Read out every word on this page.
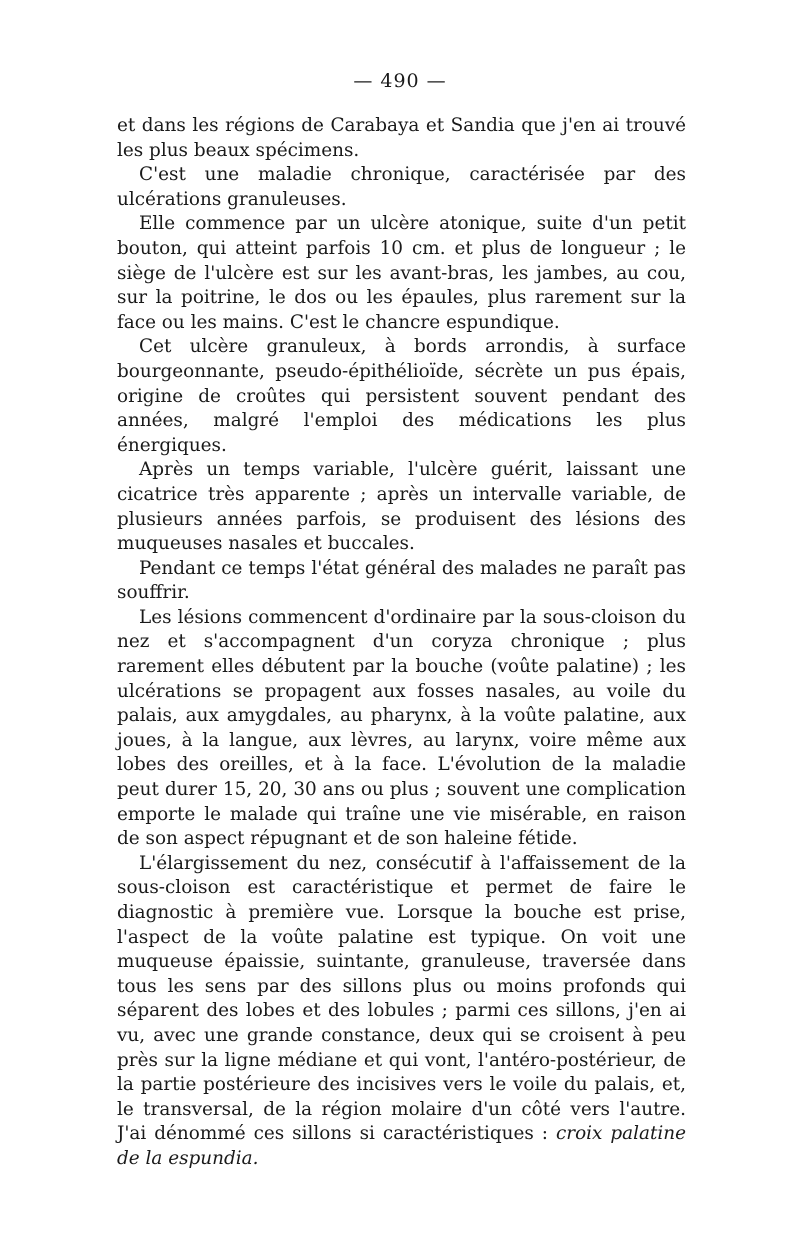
— 490 —

et dans les régions de Carabaya et Sandia que j'en ai trouvé les plus beaux spécimens.

C'est une maladie chronique, caractérisée par des ulcérations granuleuses.

Elle commence par un ulcère atonique, suite d'un petit bouton, qui atteint parfois 10 cm. et plus de longueur ; le siège de l'ulcère est sur les avant-bras, les jambes, au cou, sur la poitrine, le dos ou les épaules, plus rarement sur la face ou les mains. C'est le chancre espundique.

Cet ulcère granuleux, à bords arrondis, à surface bourgeonnante, pseudo-épithélioïde, sécrète un pus épais, origine de croûtes qui persistent souvent pendant des années, malgré l'emploi des médications les plus énergiques.

Après un temps variable, l'ulcère guérit, laissant une cicatrice très apparente ; après un intervalle variable, de plusieurs années parfois, se produisent des lésions des muqueuses nasales et buccales.

Pendant ce temps l'état général des malades ne paraît pas souffrir.

Les lésions commencent d'ordinaire par la sous-cloison du nez et s'accompagnent d'un coryza chronique ; plus rarement elles débutent par la bouche (voûte palatine) ; les ulcérations se propagent aux fosses nasales, au voile du palais, aux amygdales, au pharynx, à la voûte palatine, aux joues, à la langue, aux lèvres, au larynx, voire même aux lobes des oreilles, et à la face. L'évolution de la maladie peut durer 15, 20, 30 ans ou plus ; souvent une complication emporte le malade qui traîne une vie misérable, en raison de son aspect répugnant et de son haleine fétide.

L'élargissement du nez, consécutif à l'affaissement de la sous-cloison est caractéristique et permet de faire le diagnostic à première vue. Lorsque la bouche est prise, l'aspect de la voûte palatine est typique. On voit une muqueuse épaissie, suintante, granuleuse, traversée dans tous les sens par des sillons plus ou moins profonds qui séparent des lobes et des lobules ; parmi ces sillons, j'en ai vu, avec une grande constance, deux qui se croisent à peu près sur la ligne médiane et qui vont, l'antéro-postérieur, de la partie postérieure des incisives vers le voile du palais, et, le transversal, de la région molaire d'un côté vers l'autre. J'ai dénommé ces sillons si caractéristiques : croix palatine de la espundia.
